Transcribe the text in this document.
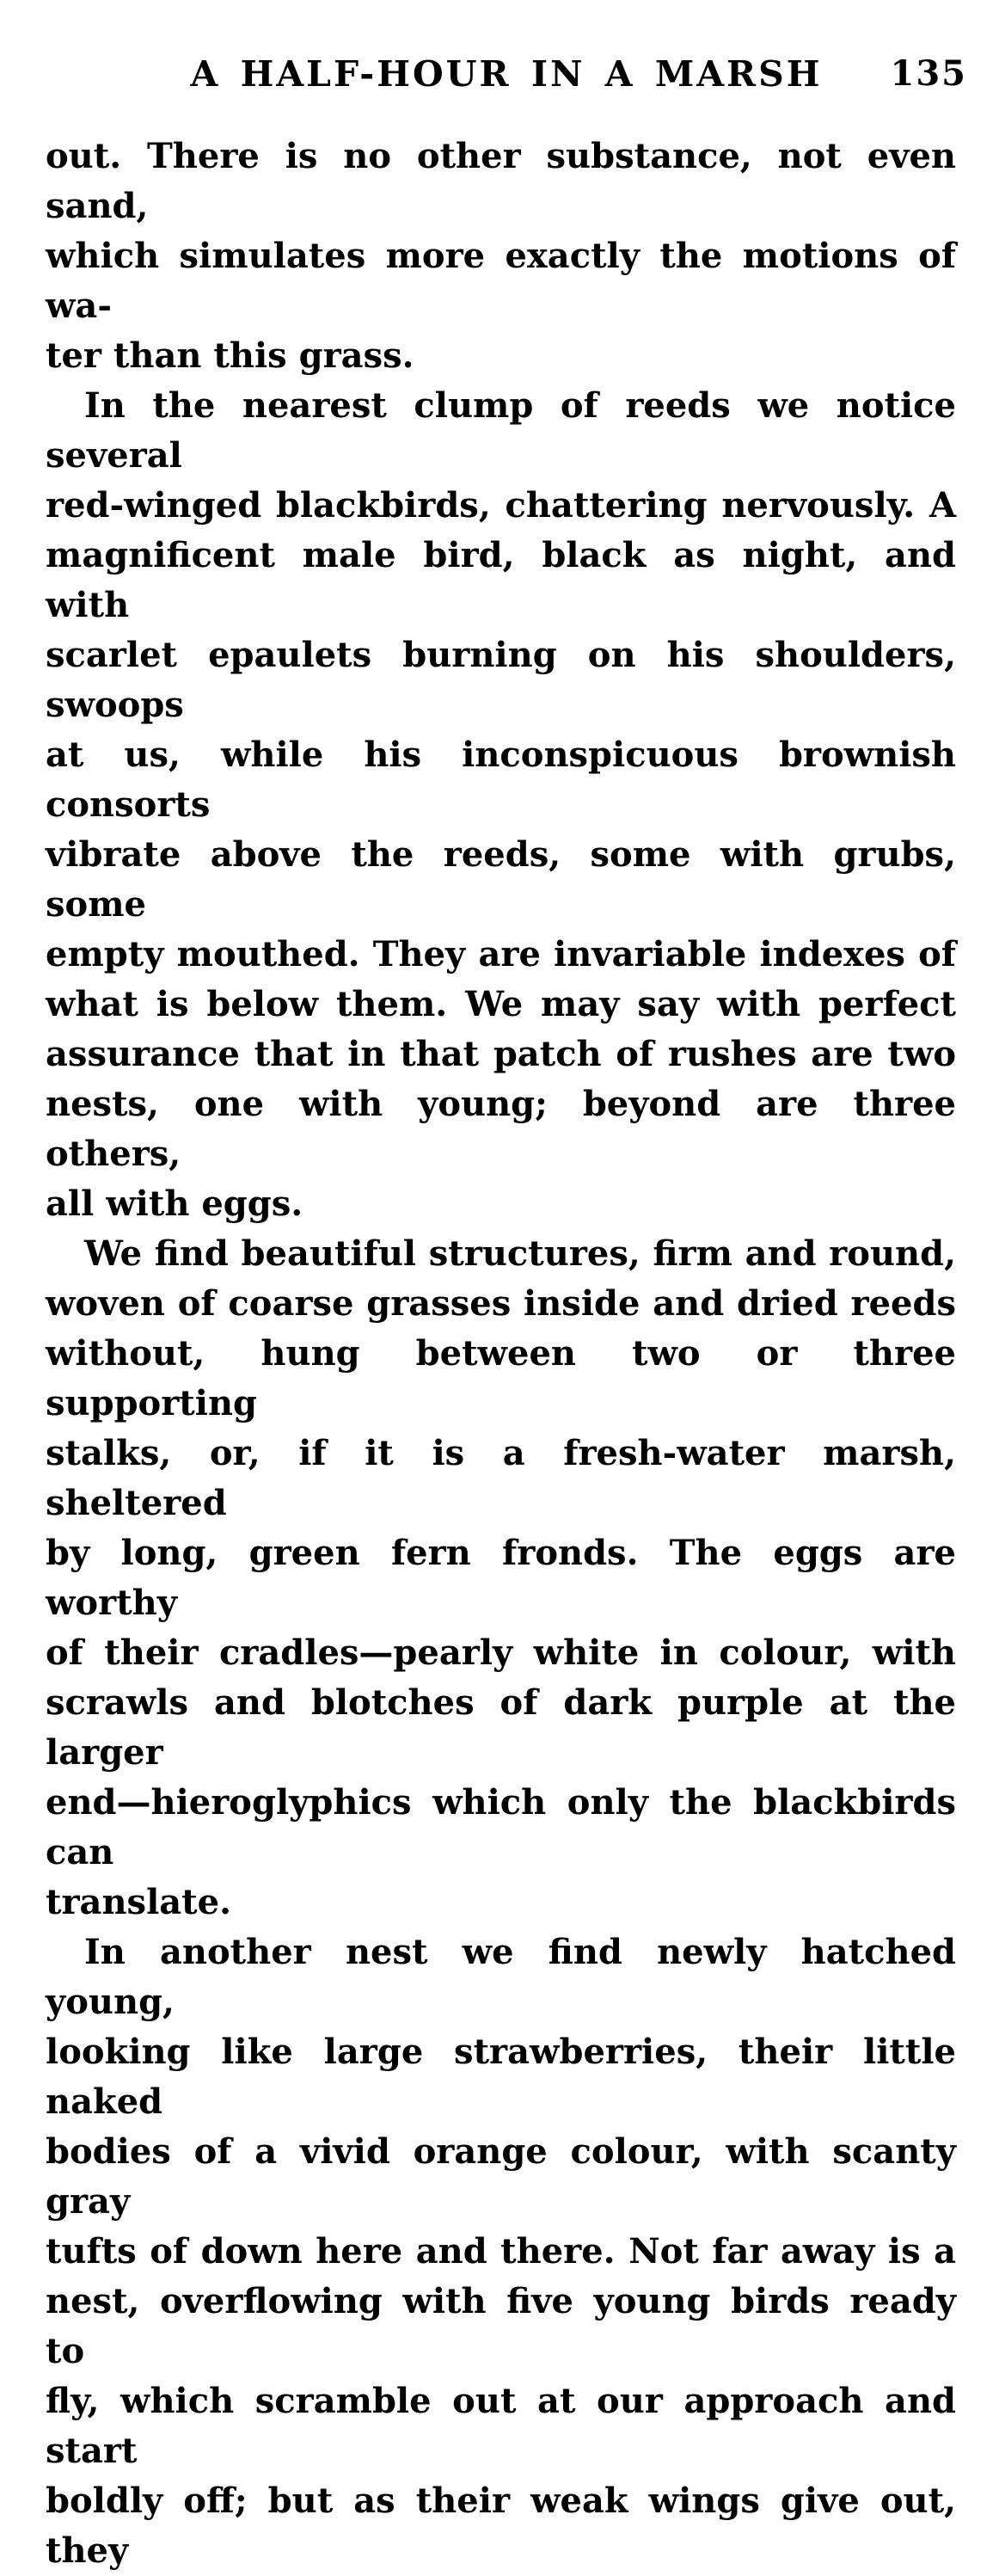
A HALF-HOUR IN A MARSH	135
out. There is no other substance, not even sand,
which simulates more exactly the motions of wa-
ter than this grass.
In the nearest clump of reeds we notice several
red-winged blackbirds, chattering nervously. A
magnificent male bird, black as night, and with
scarlet epaulets burning on his shoulders, swoops
at us, while his inconspicuous brownish consorts
vibrate above the reeds, some with grubs, some
empty mouthed. They are invariable indexes of
what is below them. We may say with perfect
assurance that in that patch of rushes are two
nests, one with young; beyond are three others,
all with eggs.
We find beautiful structures, firm and round,
woven of coarse grasses inside and dried reeds
without, hung between two or three supporting
stalks, or, if it is a fresh-water marsh, sheltered
by long, green fern fronds. The eggs are worthy
of their cradles—pearly white in colour, with
scrawls and blotches of dark purple at the larger
end—hieroglyphics which only the blackbirds can
translate.
In another nest we find newly hatched young,
looking like large strawberries, their little naked
bodies of a vivid orange colour, with scanty gray
tufts of down here and there. Not far away is a
nest, overflowing with five young birds ready to
fly, which scramble out at our approach and start
boldly off; but as their weak wings give out, they
